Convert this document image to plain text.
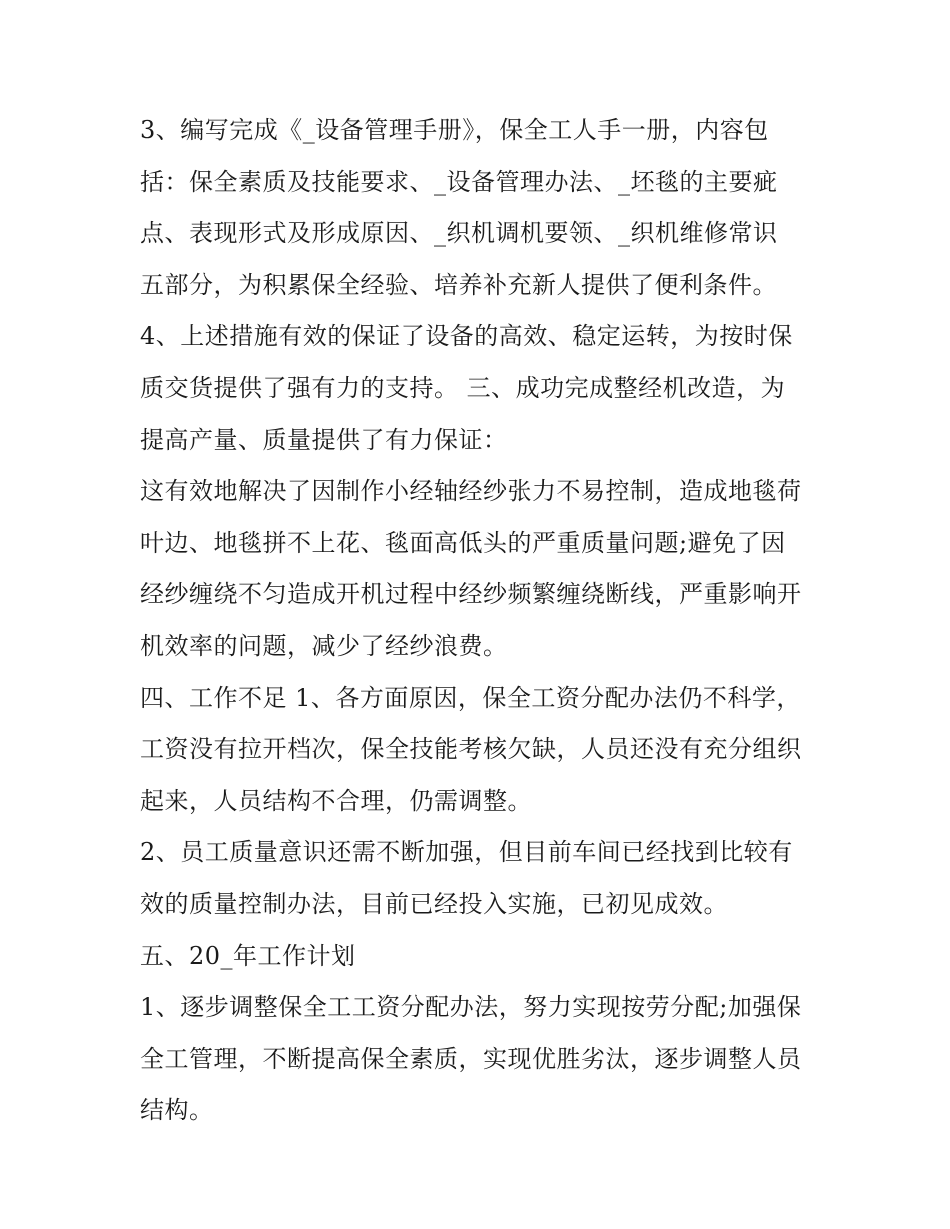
3、编写完成《_设备管理手册》，保全工人手一册，内容包
括：保全素质及技能要求、_设备管理办法、_坯毯的主要疵
点、表现形式及形成原因、_织机调机要领、_织机维修常识
五部分，为积累保全经验、培养补充新人提供了便利条件。

4、上述措施有效的保证了设备的高效、稳定运转，为按时保
质交货提供了强有力的支持。 三、成功完成整经机改造，为
提高产量、质量提供了有力保证：

这有效地解决了因制作小经轴经纱张力不易控制，造成地毯荷
叶边、地毯拼不上花、毯面高低头的严重质量问题;避免了因
经纱缠绕不匀造成开机过程中经纱频繁缠绕断线，严重影响开
机效率的问题，减少了经纱浪费。

四、工作不足 1、各方面原因，保全工资分配办法仍不科学，
工资没有拉开档次，保全技能考核欠缺，人员还没有充分组织
起来，人员结构不合理，仍需调整。

2、员工质量意识还需不断加强，但目前车间已经找到比较有
效的质量控制办法，目前已经投入实施，已初见成效。

五、20_年工作计划

1、逐步调整保全工工资分配办法，努力实现按劳分配;加强保
全工管理，不断提高保全素质，实现优胜劣汰，逐步调整人员
结构。
